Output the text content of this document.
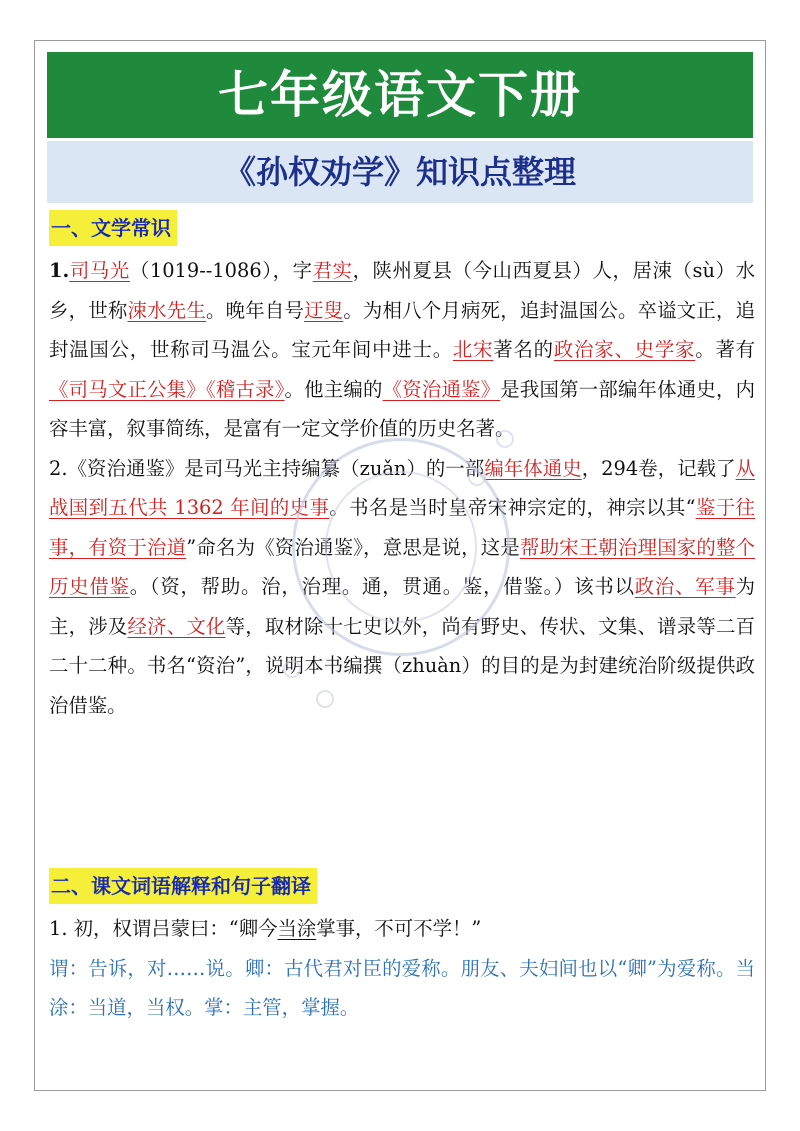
七年级语文下册
《孙权劝学》知识点整理
一、文学常识

1.司马光（1019--1086），字君实，陕州夏县（今山西夏县）人，居涑（sù）水乡，世称涑水先生。晚年自号迂叟。为相八个月病死，追封温国公。卒谥文正，追封温国公，世称司马温公。宝元年间中进士。北宋著名的政治家、史学家。著有《司马文正公集》《稽古录》。他主编的《资治通鉴》是我国第一部编年体通史，内容丰富，叙事简练，是富有一定文学价值的历史名著。

2.《资治通鉴》是司马光主持编纂（zuǎn）的一部编年体通史，294卷，记载了从战国到五代共 1362 年间的史事。书名是当时皇帝宋神宗定的，神宗以其“鉴于往事，有资于治道”命名为《资治通鉴》，意思是说，这是帮助宋王朝治理国家的整个历史借鉴。（资，帮助。治，治理。通，贯通。鉴，借鉴。）该书以政治、军事为主，涉及经济、文化等，取材除十七史以外，尚有野史、传状、文集、谱录等二百二十二种。书名“资治”，说明本书编撰（zhuàn）的目的是为封建统治阶级提供政治借鉴。

二、课文词语解释和句子翻译

1. 初，权谓吕蒙曰：“卿今当涂掌事，不可不学！”

谓：告诉，对……说。卿：古代君对臣的爱称。朋友、夫妇间也以“卿”为爱称。当涂：当道，当权。掌：主管，掌握。
